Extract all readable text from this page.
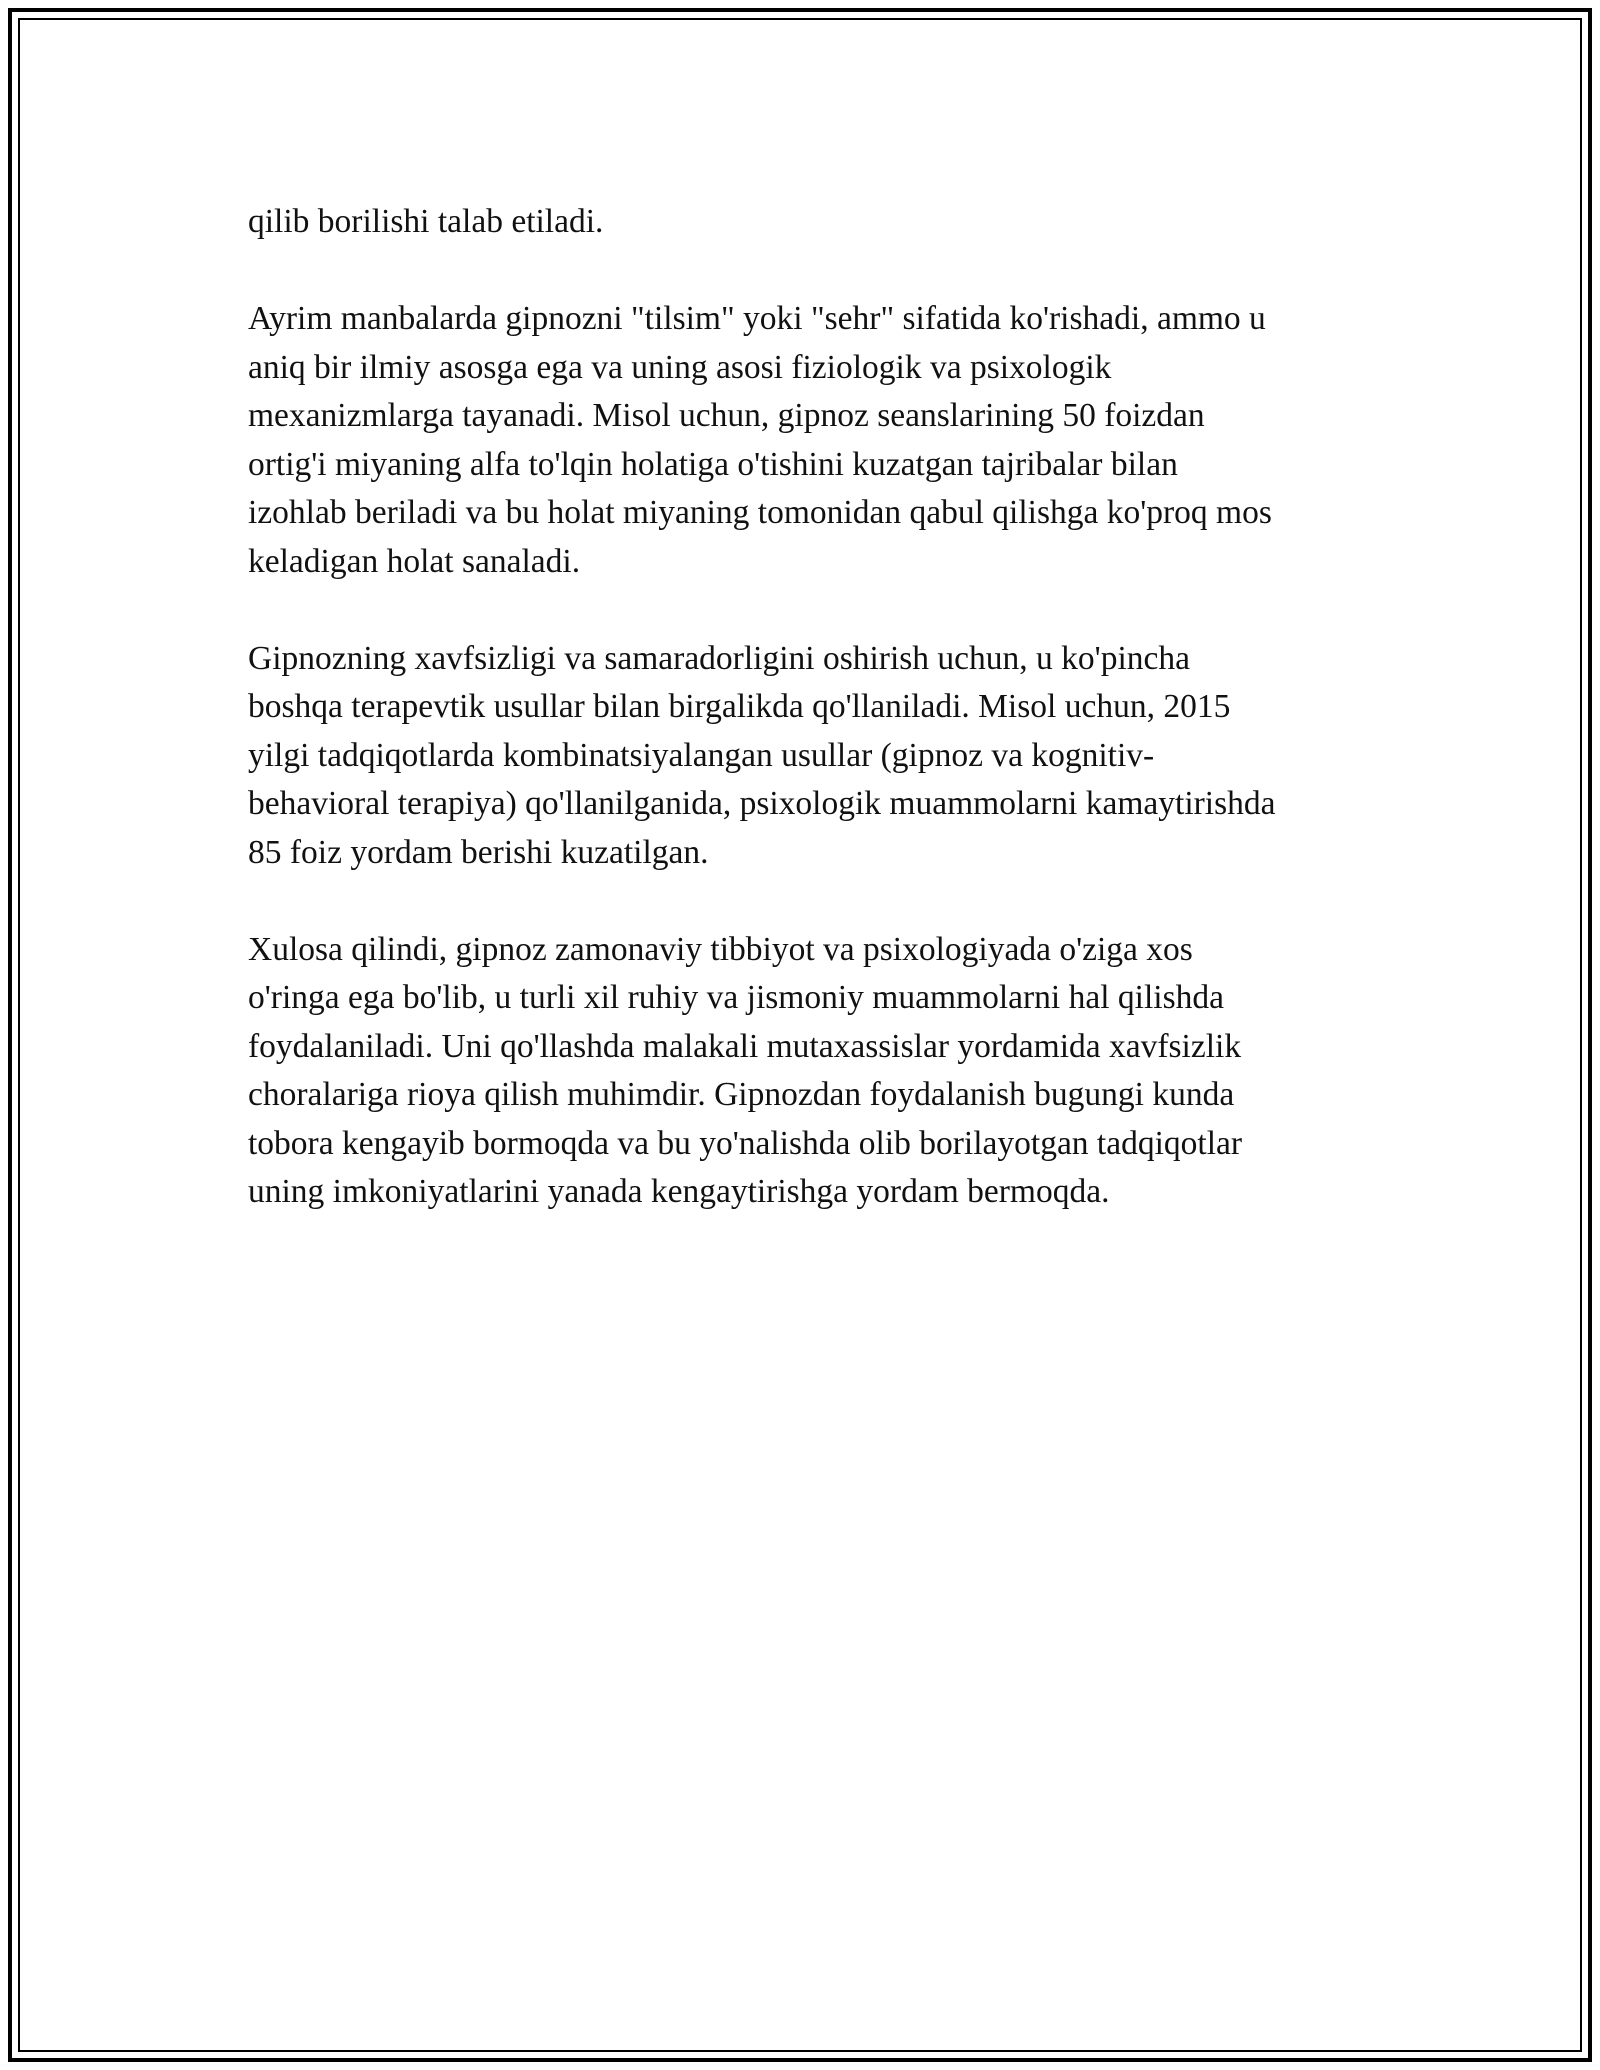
qilib borilishi talab etiladi.

Ayrim manbalarda gipnozni "tilsim" yoki "sehr" sifatida ko'rishadi, ammo u
aniq bir ilmiy asosga ega va uning asosi fiziologik va psixologik
mexanizmlarga tayanadi. Misol uchun, gipnoz seanslarining 50 foizdan
ortig'i miyaning alfa to'lqin holatiga o'tishini kuzatgan tajribalar bilan
izohlab beriladi va bu holat miyaning tomonidan qabul qilishga ko'proq mos
keladigan holat sanaladi.

Gipnozning xavfsizligi va samaradorligini oshirish uchun, u ko'pincha
boshqa terapevtik usullar bilan birgalikda qo'llaniladi. Misol uchun, 2015
yilgi tadqiqotlarda kombinatsiyalangan usullar (gipnoz va kognitiv-
behavioral terapiya) qo'llanilganida, psixologik muammolarni kamaytirishda
85 foiz yordam berishi kuzatilgan.

Xulosa qilindi, gipnoz zamonaviy tibbiyot va psixologiyada o'ziga xos
o'ringa ega bo'lib, u turli xil ruhiy va jismoniy muammolarni hal qilishda
foydalaniladi. Uni qo'llashda malakali mutaxassislar yordamida xavfsizlik
choralariga rioya qilish muhimdir. Gipnozdan foydalanish bugungi kunda
tobora kengayib bormoqda va bu yo'nalishda olib borilayotgan tadqiqotlar
uning imkoniyatlarini yanada kengaytirishga yordam bermoqda.
